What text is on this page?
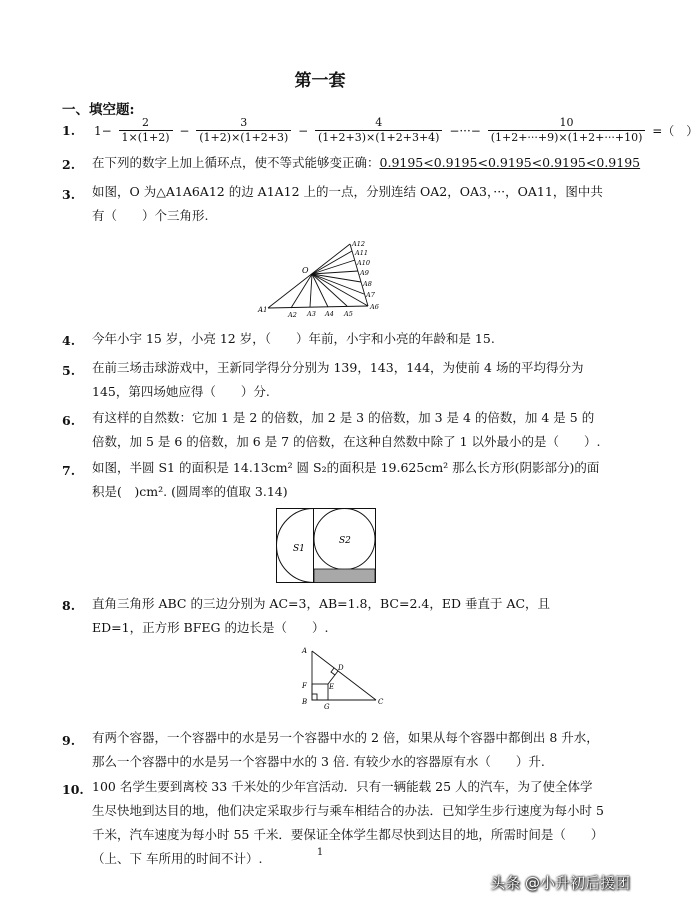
第一套
一、填空题:
1. $1- \frac{2}{1\times(1+2)} - \frac{3}{(1+2)\times(1+2+3)} - \frac{4}{(1+2+3)\times(1+2+3+4)}$ −···− $\frac{10}{(1+2+\cdot\cdot\cdot+9)\times(1+2+\cdot\cdot\cdot+10)}$ =（　）
2. 在下列的数字上加上循环点，使不等式能够变正确：0.9195<0.9195<0.9195<0.9195<0.9195
3. 如图，O 为△A1A6A12 的边 A1A12 上的一点，分别连结 OA2，OA3，···，OA11，图中共有（　　）个三角形.
O
A12
A11
A10
A9
A8
A7
A6
A1
A2 A3 A4 A5
4. 今年小宇 15 岁，小亮 12 岁，（　　）年前，小宇和小亮的年龄和是 15.
5. 在前三场击球游戏中，王新同学得分分别为 139，143，144，为使前 4 场的平均得分为 145，第四场她应得（　　）分.
6. 有这样的自然数：它加 1 是 2 的倍数，加 2 是 3 的倍数，加 3 是 4 的倍数，加 4 是 5 的倍数，加 5 是 6 的倍数，加 6 是 7 的倍数，在这种自然数中除了 1 以外最小的是（　　）.
7. 如图，半圆 S1 的面积是 14.13cm² 圆 S₂的面积是 19.625cm² 那么长方形(阴影部分)的面积是(　)cm². (圆周率的值取 3.14)
S1
S2
8. 直角三角形 ABC 的三边分别为 AC=3，AB=1.8，BC=2.4，ED 垂直于 AC，且 ED=1，正方形 BFEG 的边长是（　　）.
A
D
F	E
B
G
C
9. 有两个容器，一个容器中的水是另一个容器中水的 2 倍，如果从每个容器中都倒出 8 升水，那么一个容器中的水是另一个容器中水的 3 倍. 有较少水的容器原有水（　　）升.
10. 100 名学生要到离校 33 千米处的少年宫活动．只有一辆能载 25 人的汽车，为了使全体学生尽快地到达目的地，他们决定采取步行与乘车相结合的办法．已知学生步行速度为每小时 5 千米，汽车速度为每小时 55 千米．要保证全体学生都尽快到达目的地，所需时间是（　　）（上、下 车所用的时间不计）.	1
头条 @小升初后援团
